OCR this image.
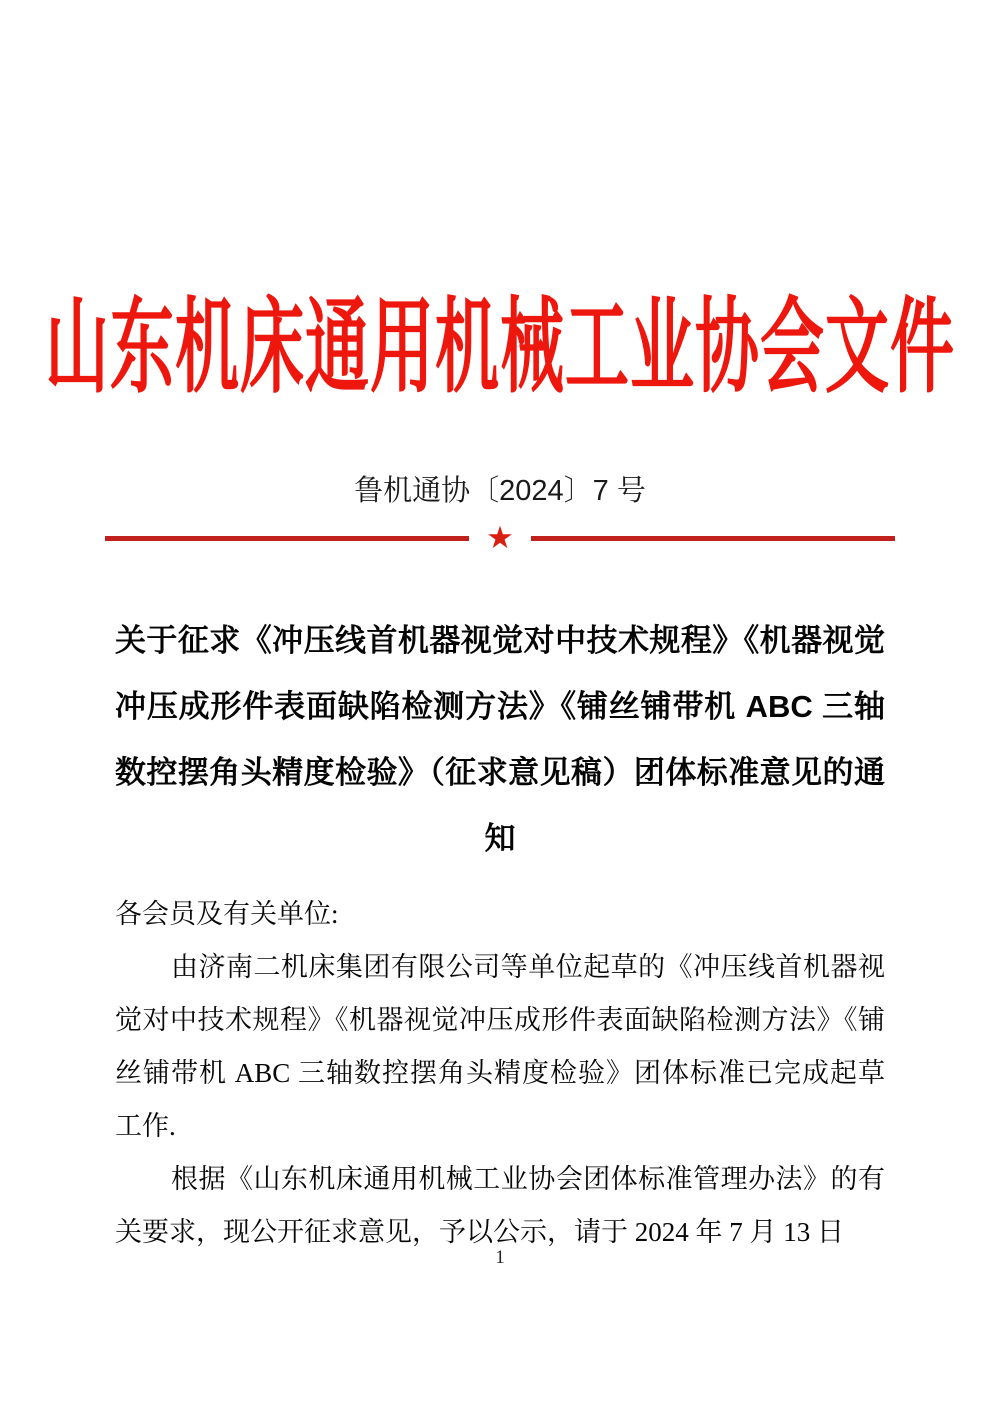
山东机床通用机械工业协会文件
鲁机通协〔2024〕7 号
★
关于征求《冲压线首机器视觉对中技术规程》《机器视觉
冲压成形件表面缺陷检测方法》《铺丝铺带机 ABC 三轴
数控摆角头精度检验》（征求意见稿）团体标准意见的通
知
各会员及有关单位:
由济南二机床集团有限公司等单位起草的《冲压线首机器视
觉对中技术规程》《机器视觉冲压成形件表面缺陷检测方法》《铺
丝铺带机 ABC 三轴数控摆角头精度检验》团体标准已完成起草
工作.
根据《山东机床通用机械工业协会团体标准管理办法》的有
关要求，现公开征求意见，予以公示，请于 2024 年 7 月 13 日
1
